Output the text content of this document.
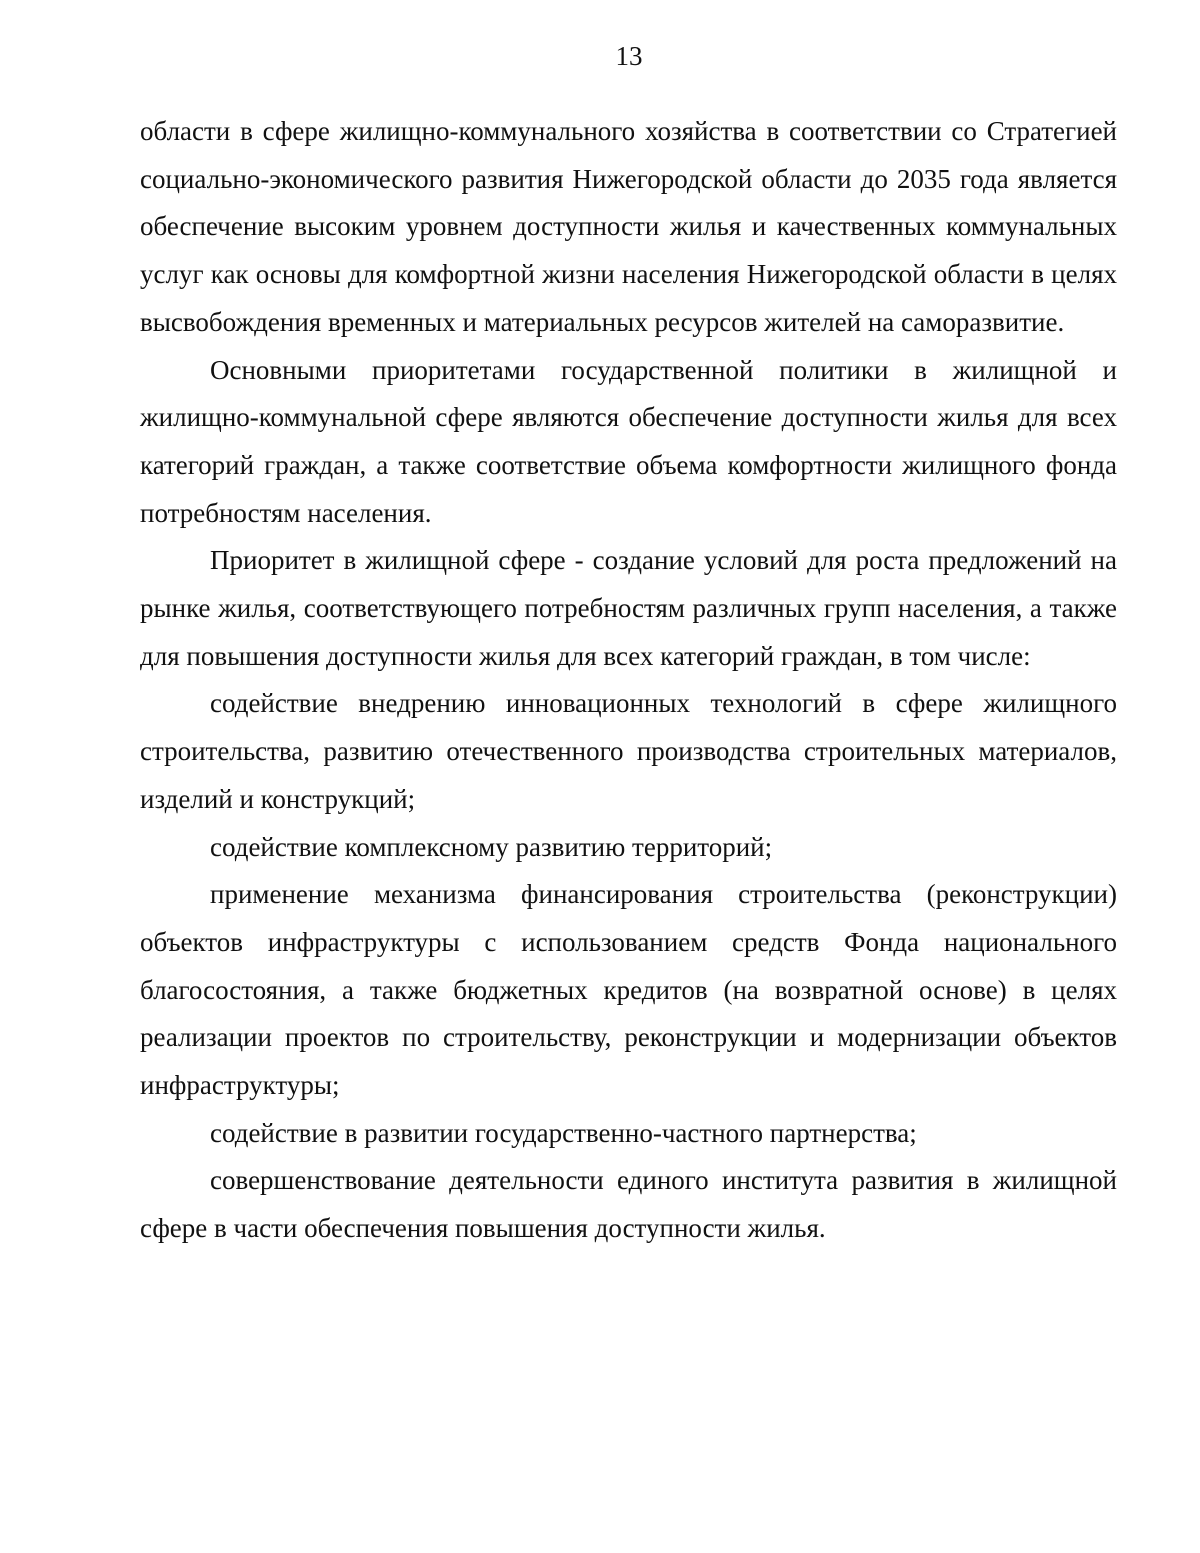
13

области в сфере жилищно-коммунального хозяйства в соответствии со Стратегией социально-экономического развития Нижегородской области до 2035 года является обеспечение высоким уровнем доступности жилья и качественных коммунальных услуг как основы для комфортной жизни населения Нижегородской области в целях высвобождения временных и материальных ресурсов жителей на саморазвитие.

Основными приоритетами государственной политики в жилищной и жилищно-коммунальной сфере являются обеспечение доступности жилья для всех категорий граждан, а также соответствие объема комфортности жилищного фонда потребностям населения.

Приоритет в жилищной сфере - создание условий для роста предложений на рынке жилья, соответствующего потребностям различных групп населения, а также для повышения доступности жилья для всех категорий граждан, в том числе:

содействие внедрению инновационных технологий в сфере жилищного строительства, развитию отечественного производства строительных материалов, изделий и конструкций;

содействие комплексному развитию территорий;

применение механизма финансирования строительства (реконструкции) объектов инфраструктуры с использованием средств Фонда национального благосостояния, а также бюджетных кредитов (на возвратной основе) в целях реализации проектов по строительству, реконструкции и модернизации объектов инфраструктуры;

содействие в развитии государственно-частного партнерства;

совершенствование деятельности единого института развития в жилищной сфере в части обеспечения повышения доступности жилья.
